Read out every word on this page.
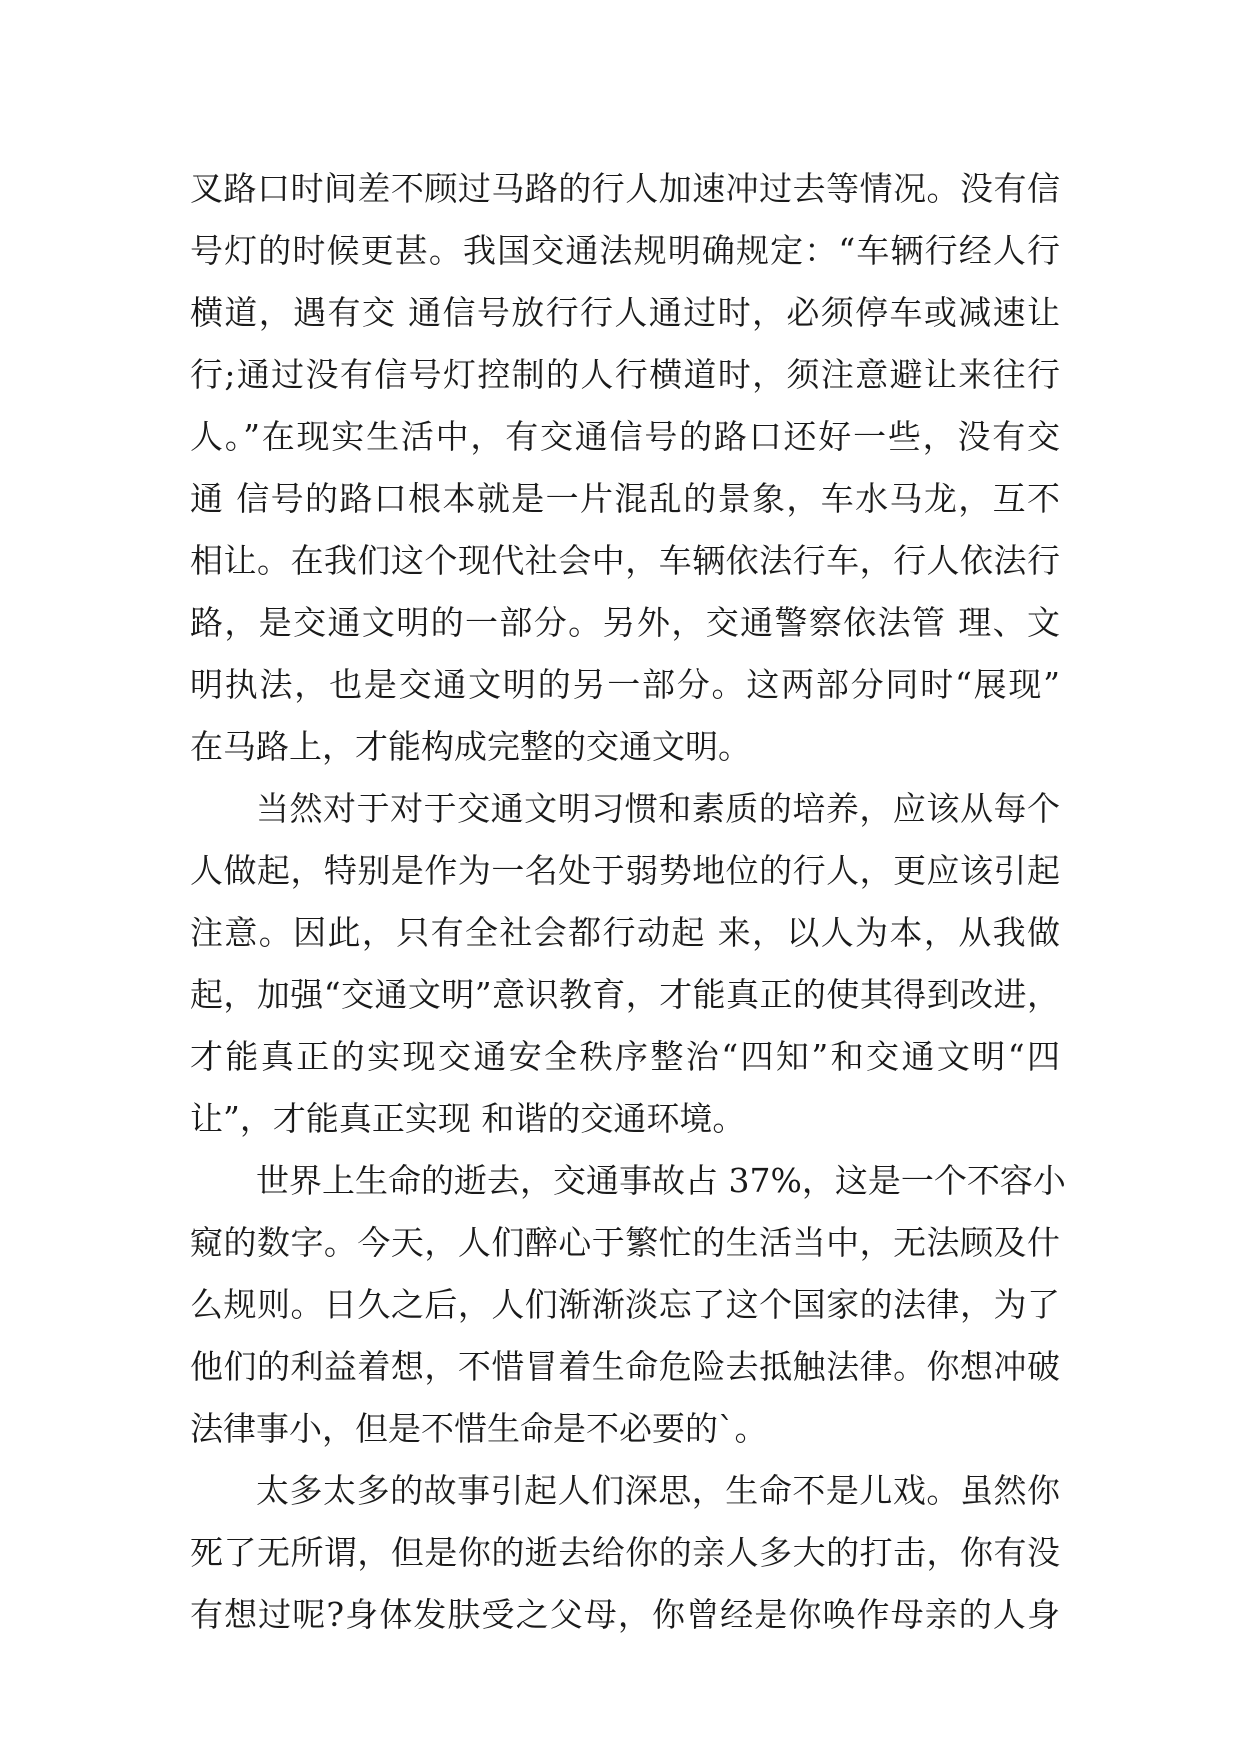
叉路口时间差不顾过马路的行人加速冲过去等情况。没有信
号灯的时候更甚。我国交通法规明确规定：“车辆行经人行
横道，遇有交 通信号放行行人通过时，必须停车或减速让
行;通过没有信号灯控制的人行横道时，须注意避让来往行
人。”在现实生活中，有交通信号的路口还好一些，没有交
通 信号的路口根本就是一片混乱的景象，车水马龙，互不
相让。在我们这个现代社会中，车辆依法行车，行人依法行
路，是交通文明的一部分。另外，交通警察依法管 理、文
明执法，也是交通文明的另一部分。这两部分同时“展现”
在马路上，才能构成完整的交通文明。
当然对于对于交通文明习惯和素质的培养，应该从每个
人做起，特别是作为一名处于弱势地位的行人，更应该引起
注意。因此，只有全社会都行动起 来，以人为本，从我做
起，加强“交通文明”意识教育，才能真正的使其得到改进，
才能真正的实现交通安全秩序整治“四知”和交通文明“四
让”，才能真正实现 和谐的交通环境。
世界上生命的逝去，交通事故占 37%，这是一个不容小
窥的数字。今天，人们醉心于繁忙的生活当中，无法顾及什
么规则。日久之后，人们渐渐淡忘了这个国家的法律，为了
他们的利益着想，不惜冒着生命危险去抵触法律。你想冲破
法律事小，但是不惜生命是不必要的`。
太多太多的故事引起人们深思，生命不是儿戏。虽然你
死了无所谓，但是你的逝去给你的亲人多大的打击，你有没
有想过呢?身体发肤受之父母，你曾经是你唤作母亲的人身
